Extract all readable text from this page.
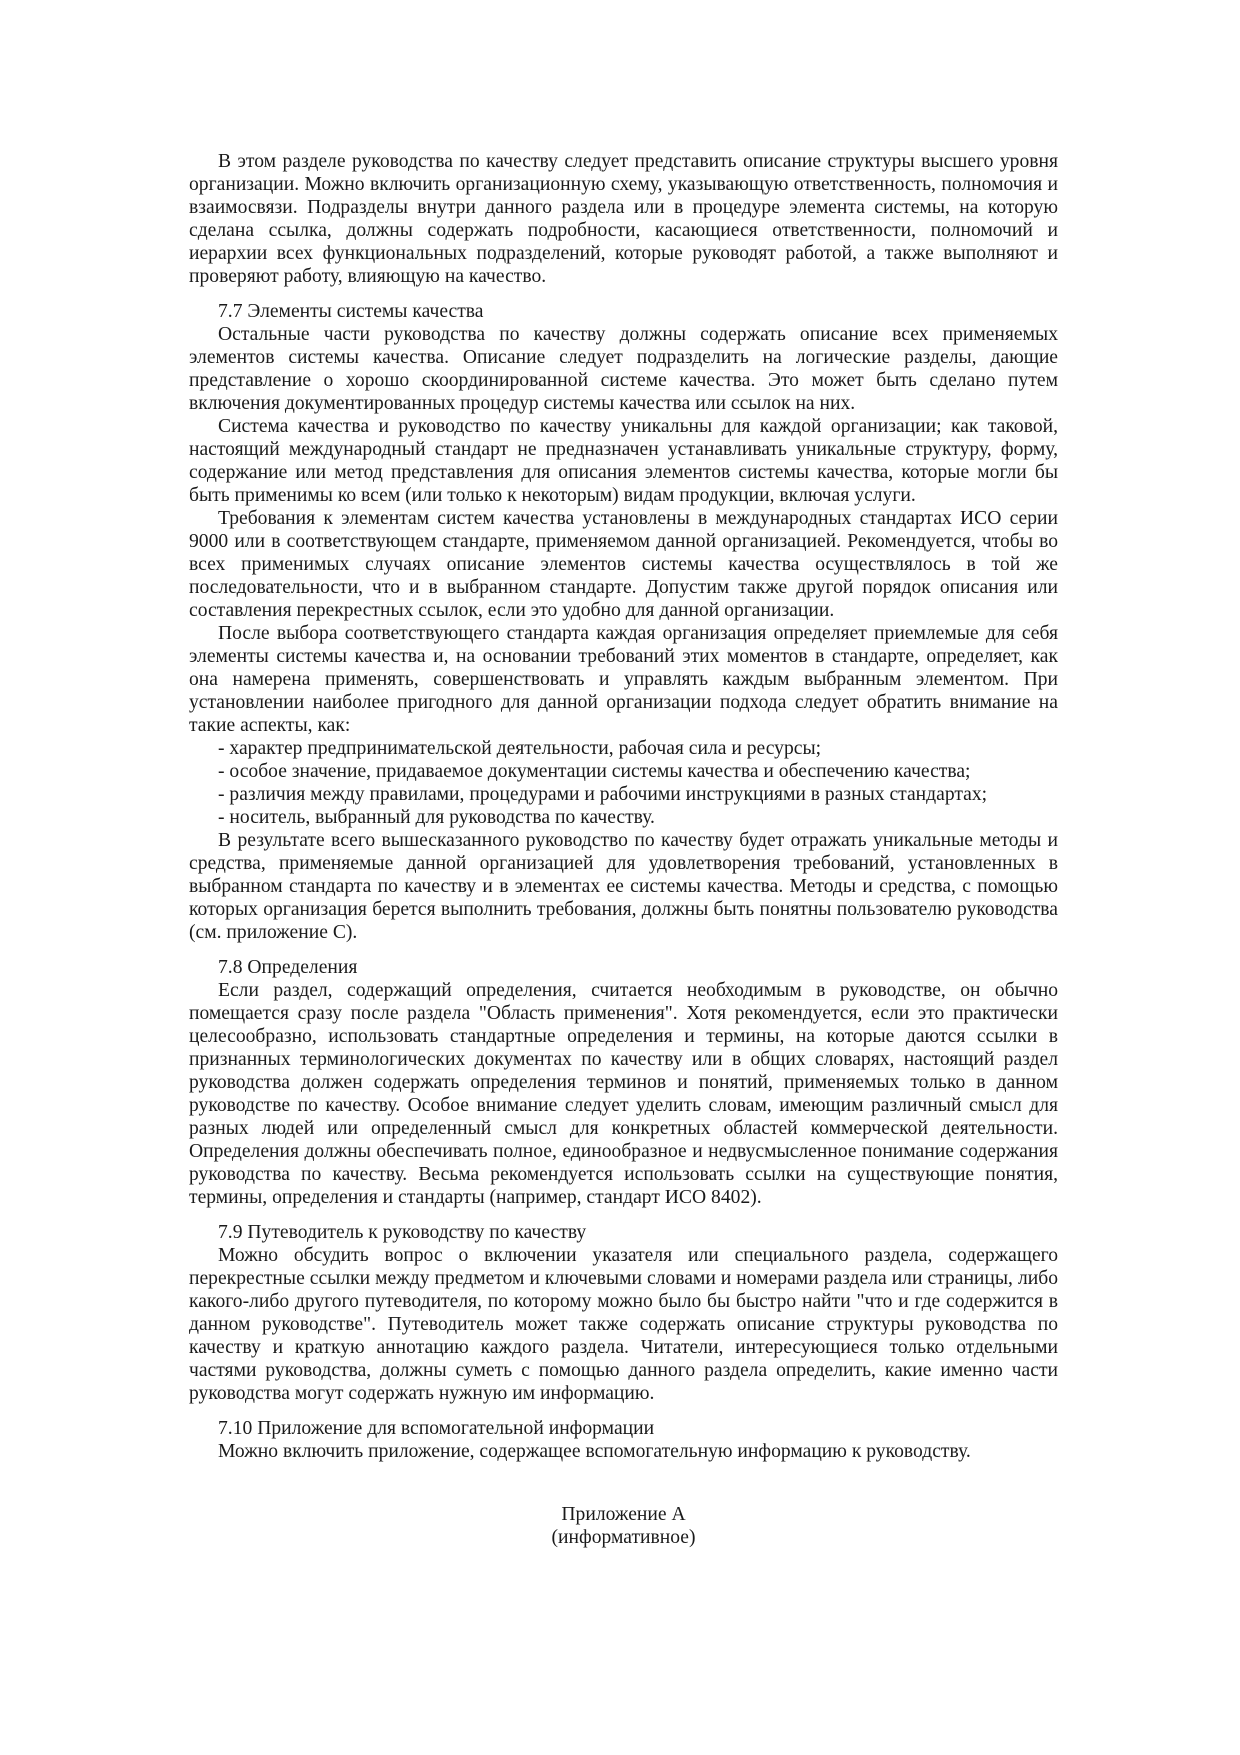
В этом разделе руководства по качеству следует представить описание структуры высшего уровня организации. Можно включить организационную схему, указывающую ответственность, полномочия и взаимосвязи. Подразделы внутри данного раздела или в процедуре элемента системы, на которую сделана ссылка, должны содержать подробности, касающиеся ответственности, полномочий и иерархии всех функциональных подразделений, которые руководят работой, а также выполняют и проверяют работу, влияющую на качество.

7.7 Элементы системы качества

Остальные части руководства по качеству должны содержать описание всех применяемых элементов системы качества. Описание следует подразделить на логические разделы, дающие представление о хорошо скоординированной системе качества. Это может быть сделано путем включения документированных процедур системы качества или ссылок на них.

Система качества и руководство по качеству уникальны для каждой организации; как таковой, настоящий международный стандарт не предназначен устанавливать уникальные структуру, форму, содержание или метод представления для описания элементов системы качества, которые могли бы быть применимы ко всем (или только к некоторым) видам продукции, включая услуги.

Требования к элементам систем качества установлены в международных стандартах ИСО серии 9000 или в соответствующем стандарте, применяемом данной организацией. Рекомендуется, чтобы во всех применимых случаях описание элементов системы качества осуществлялось в той же последовательности, что и в выбранном стандарте. Допустим также другой порядок описания или составления перекрестных ссылок, если это удобно для данной организации.

После выбора соответствующего стандарта каждая организация определяет приемлемые для себя элементы системы качества и, на основании требований этих моментов в стандарте, определяет, как она намерена применять, совершенствовать и управлять каждым выбранным элементом. При установлении наиболее пригодного для данной организации подхода следует обратить внимание на такие аспекты, как:

- характер предпринимательской деятельности, рабочая сила и ресурсы;

- особое значение, придаваемое документации системы качества и обеспечению качества;

- различия между правилами, процедурами и рабочими инструкциями в разных стандартах;

- носитель, выбранный для руководства по качеству.

В результате всего вышесказанного руководство по качеству будет отражать уникальные методы и средства, применяемые данной организацией для удовлетворения требований, установленных в выбранном стандарта по качеству и в элементах ее системы качества. Методы и средства, с помощью которых организация берется выполнить требования, должны быть понятны пользователю руководства (см. приложение С).

7.8 Определения

Если раздел, содержащий определения, считается необходимым в руководстве, он обычно помещается сразу после раздела "Область применения". Хотя рекомендуется, если это практически целесообразно, использовать стандартные определения и термины, на которые даются ссылки в признанных терминологических документах по качеству или в общих словарях, настоящий раздел руководства должен содержать определения терминов и понятий, применяемых только в данном руководстве по качеству. Особое внимание следует уделить словам, имеющим различный смысл для разных людей или определенный смысл для конкретных областей коммерческой деятельности. Определения должны обеспечивать полное, единообразное и недвусмысленное понимание содержания руководства по качеству. Весьма рекомендуется использовать ссылки на существующие понятия, термины, определения и стандарты (например, стандарт ИСО 8402).

7.9 Путеводитель к руководству по качеству

Можно обсудить вопрос о включении указателя или специального раздела, содержащего перекрестные ссылки между предметом и ключевыми словами и номерами раздела или страницы, либо какого-либо другого путеводителя, по которому можно было бы быстро найти "что и где содержится в данном руководстве". Путеводитель может также содержать описание структуры руководства по качеству и краткую аннотацию каждого раздела. Читатели, интересующиеся только отдельными частями руководства, должны суметь с помощью данного раздела определить, какие именно части руководства могут содержать нужную им информацию.

7.10 Приложение для вспомогательной информации

Можно включить приложение, содержащее вспомогательную информацию к руководству.

Приложение А
(информативное)
